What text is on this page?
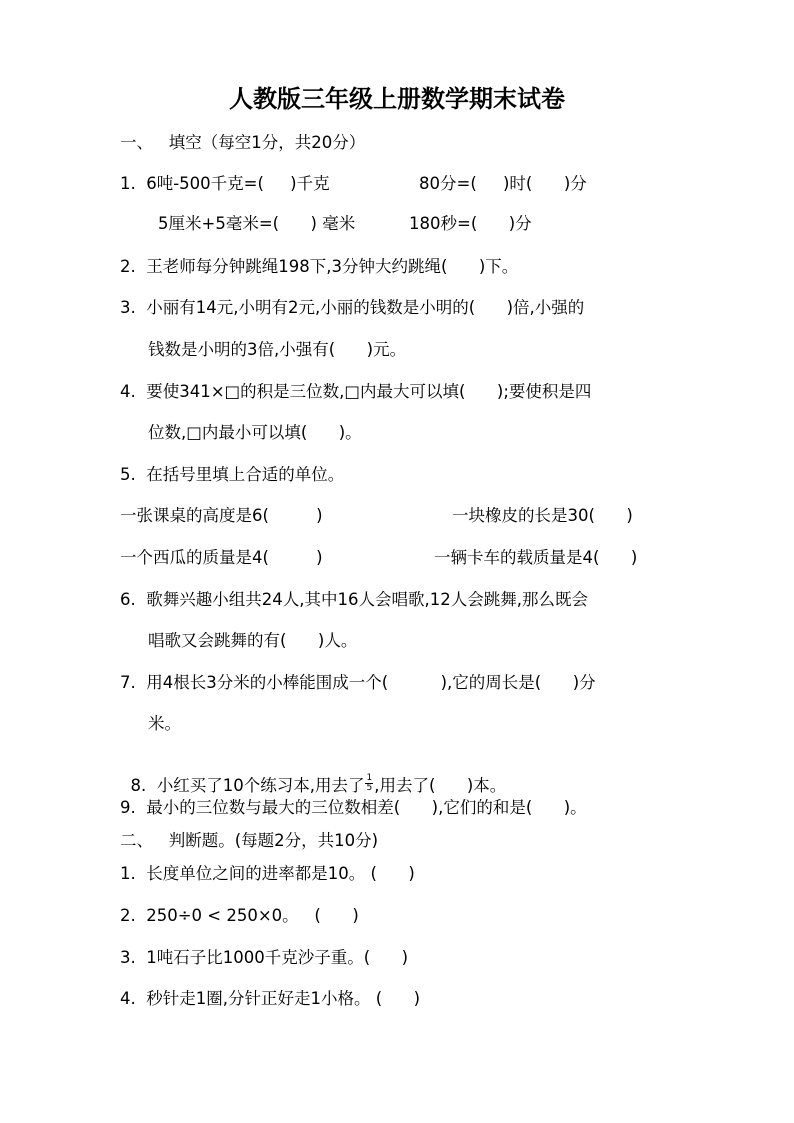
人教版三年级上册数学期末试卷
一、   填空（每空1分，共20分）
1.  6吨-500千克=(     )千克	80分=(     )时(      )分
5厘米+5毫米=(      ) 毫米	180秒=(      )分
2.  王老师每分钟跳绳198下,3分钟大约跳绳(      )下。
3.  小丽有14元,小明有2元,小丽的钱数是小明的(      )倍,小强的
钱数是小明的3倍,小强有(      )元。
4.  要使341×□的积是三位数,□内最大可以填(      );要使积是四
位数,□内最小可以填(      )。
5.  在括号里填上合适的单位。
一张课桌的高度是6(         )	一块橡皮的长是30(      )
一个西瓜的质量是4(         )	一辆卡车的载质量是4(      )
6.  歌舞兴趣小组共24人,其中16人会唱歌,12人会跳舞,那么既会
唱歌又会跳舞的有(      )人。
7.  用4根长3分米的小棒能围成一个(          ),它的周长是(      )分
米。

8.  小红买了10个练习本,用去了 $\frac{1}{5}$ ,用去了(      )本。

9.  最小的三位数与最大的三位数相差(      ),它们的和是(      )。
二、   判断题。(每题2分，共10分)
1.  长度单位之间的进率都是10。 (      )
2.  250÷0 < 250×0。   (      )
3.  1吨石子比1000千克沙子重。(      )
4.  秒针走1圈,分针正好走1小格。 (      )
